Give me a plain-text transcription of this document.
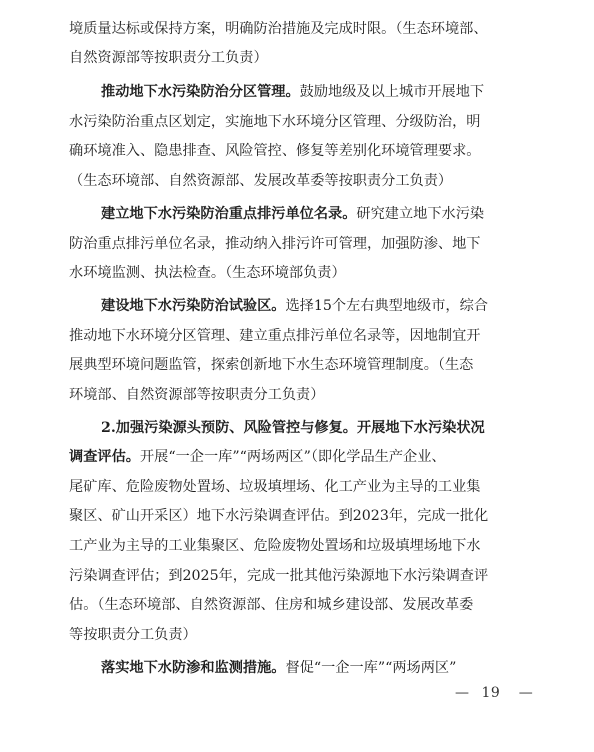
境质量达标或保持方案，明确防治措施及完成时限。（生态环境部、
自然资源部等按职责分工负责）
推动地下水污染防治分区管理。鼓励地级及以上城市开展地下
水污染防治重点区划定，实施地下水环境分区管理、分级防治，明
确环境准入、隐患排查、风险管控、修复等差别化环境管理要求。
（生态环境部、自然资源部、发展改革委等按职责分工负责）
建立地下水污染防治重点排污单位名录。研究建立地下水污染
防治重点排污单位名录，推动纳入排污许可管理，加强防渗、地下
水环境监测、执法检查。（生态环境部负责）
建设地下水污染防治试验区。选择15个左右典型地级市，综合
推动地下水环境分区管理、建立重点排污单位名录等，因地制宜开
展典型环境问题监管，探索创新地下水生态环境管理制度。（生态
环境部、自然资源部等按职责分工负责）
2.加强污染源头预防、风险管控与修复。开展地下水污染状况
调查评估。开展“一企一库”“两场两区”（即化学品生产企业、
尾矿库、危险废物处置场、垃圾填埋场、化工产业为主导的工业集
聚区、矿山开采区）地下水污染调查评估。到2023年，完成一批化
工产业为主导的工业集聚区、危险废物处置场和垃圾填埋场地下水
污染调查评估；到2025年，完成一批其他污染源地下水污染调查评
估。（生态环境部、自然资源部、住房和城乡建设部、发展改革委
等按职责分工负责）
落实地下水防渗和监测措施。督促“一企一库”“两场两区”
— 19 —
